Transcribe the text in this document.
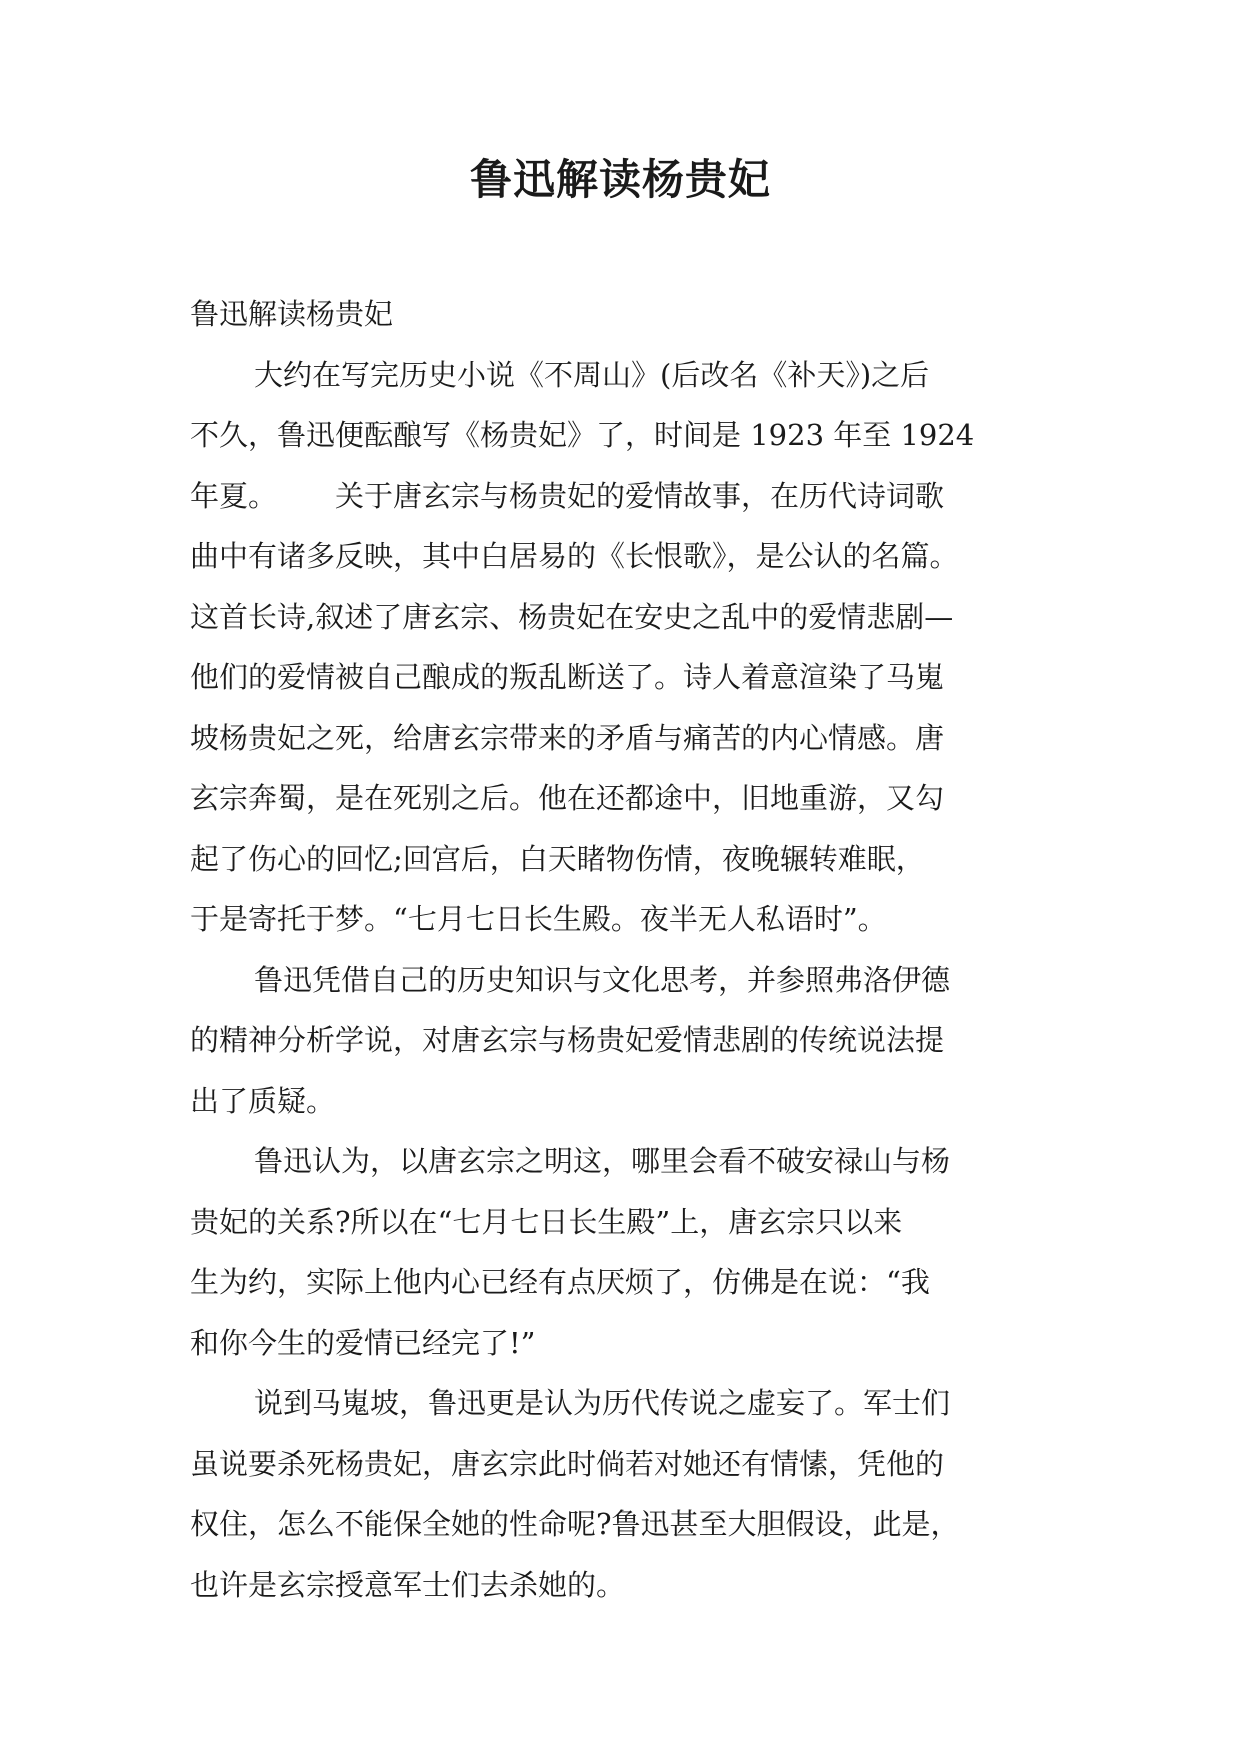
鲁迅解读杨贵妃

鲁迅解读杨贵妃

大约在写完历史小说《不周山》(后改名《补天》)之后

不久，鲁迅便酝酿写《杨贵妃》了，时间是 1923 年至 1924

年夏。 关于唐玄宗与杨贵妃的爱情故事，在历代诗词歌

曲中有诸多反映，其中白居易的《长恨歌》，是公认的名篇。

这首长诗,叙述了唐玄宗、杨贵妃在安史之乱中的爱情悲剧—

他们的爱情被自己酿成的叛乱断送了。诗人着意渲染了马嵬

坡杨贵妃之死，给唐玄宗带来的矛盾与痛苦的内心情感。唐

玄宗奔蜀，是在死别之后。他在还都途中，旧地重游，又勾

起了伤心的回忆;回宫后，白天睹物伤情，夜晚辗转难眠，

于是寄托于梦。“七月七日长生殿。夜半无人私语时”。

鲁迅凭借自己的历史知识与文化思考，并参照弗洛伊德

的精神分析学说，对唐玄宗与杨贵妃爱情悲剧的传统说法提

出了质疑。

鲁迅认为，以唐玄宗之明这，哪里会看不破安禄山与杨

贵妃的关系?所以在“七月七日长生殿”上，唐玄宗只以来

生为约，实际上他内心已经有点厌烦了，仿佛是在说：“我

和你今生的爱情已经完了!”

说到马嵬坡，鲁迅更是认为历代传说之虚妄了。军士们

虽说要杀死杨贵妃，唐玄宗此时倘若对她还有情愫，凭他的

权住，怎么不能保全她的性命呢?鲁迅甚至大胆假设，此是，

也许是玄宗授意军士们去杀她的。
